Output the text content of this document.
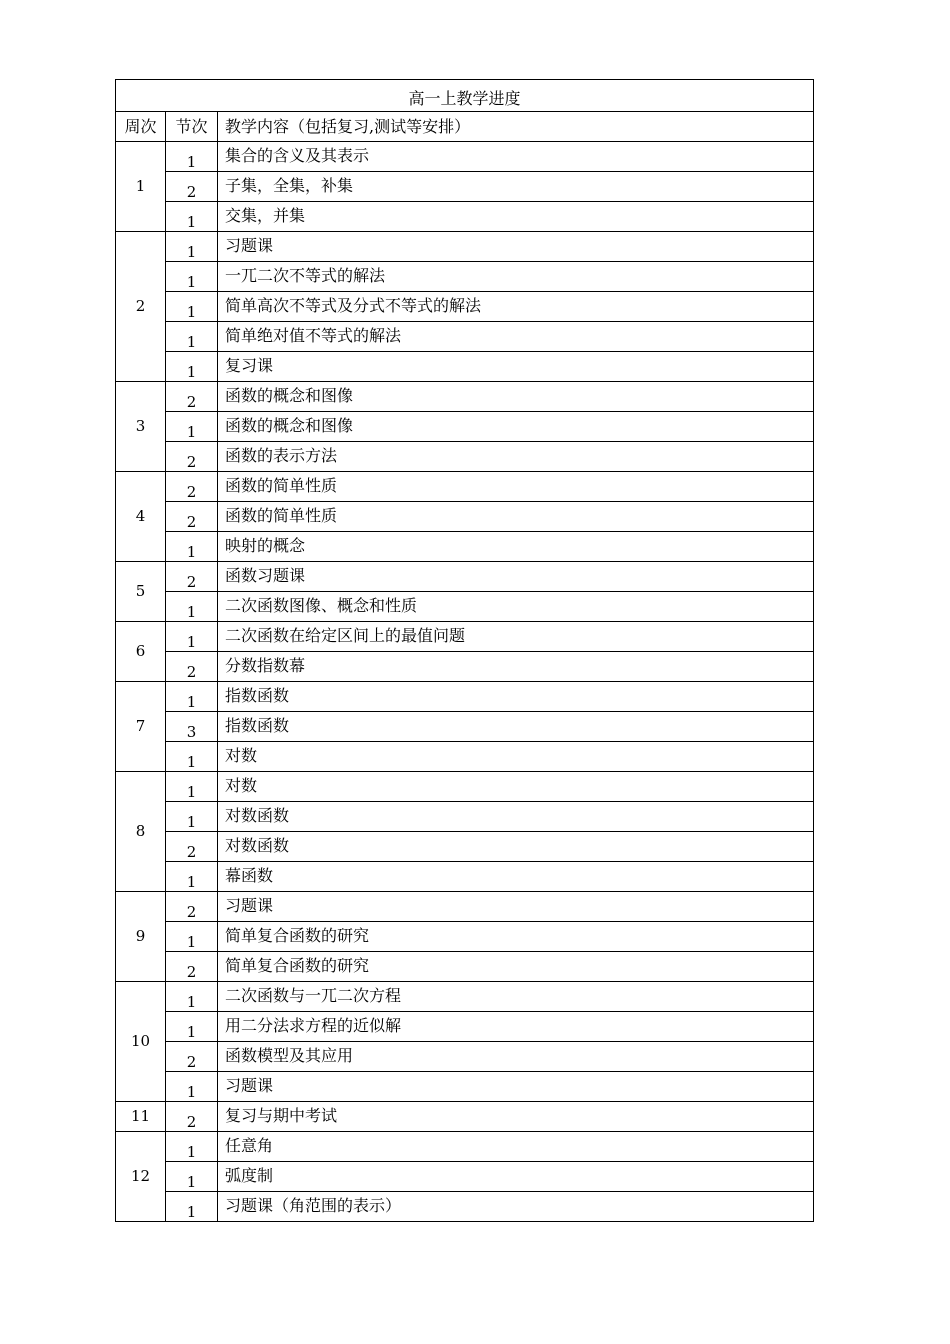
高一上教学进度		
周次	节次	教学内容（包括复习,测试等安排）
1	1	集合的含义及其表示
	2	子集，全集，补集
	1	交集，并集
2	1	习题课
	1	一兀二次不等式的解法
	1	简单高次不等式及分式不等式的解法
	1	简单绝对值不等式的解法
	1	复习课
3	2	函数的概念和图像
	1	函数的概念和图像
	2	函数的表示方法
4	2	函数的简单性质
	2	函数的简单性质
	1	映射的概念
5	2	函数习题课
	1	二次函数图像、概念和性质
6	1	二次函数在给定区间上的最值问题
	2	分数指数幕
7	1	指数函数
	3	指数函数
	1	对数
8	1	对数
	1	对数函数
	2	对数函数
	1	幕函数
9	2	习题课
	1	简单复合函数的研究
	2	简单复合函数的研究
10	1	二次函数与一兀二次方程
	1	用二分法求方程的近似解
	2	函数模型及其应用
	1	习题课
11	2	复习与期中考试
12	1	任意角
	1	弧度制
	1	习题课（角范围的表示）
